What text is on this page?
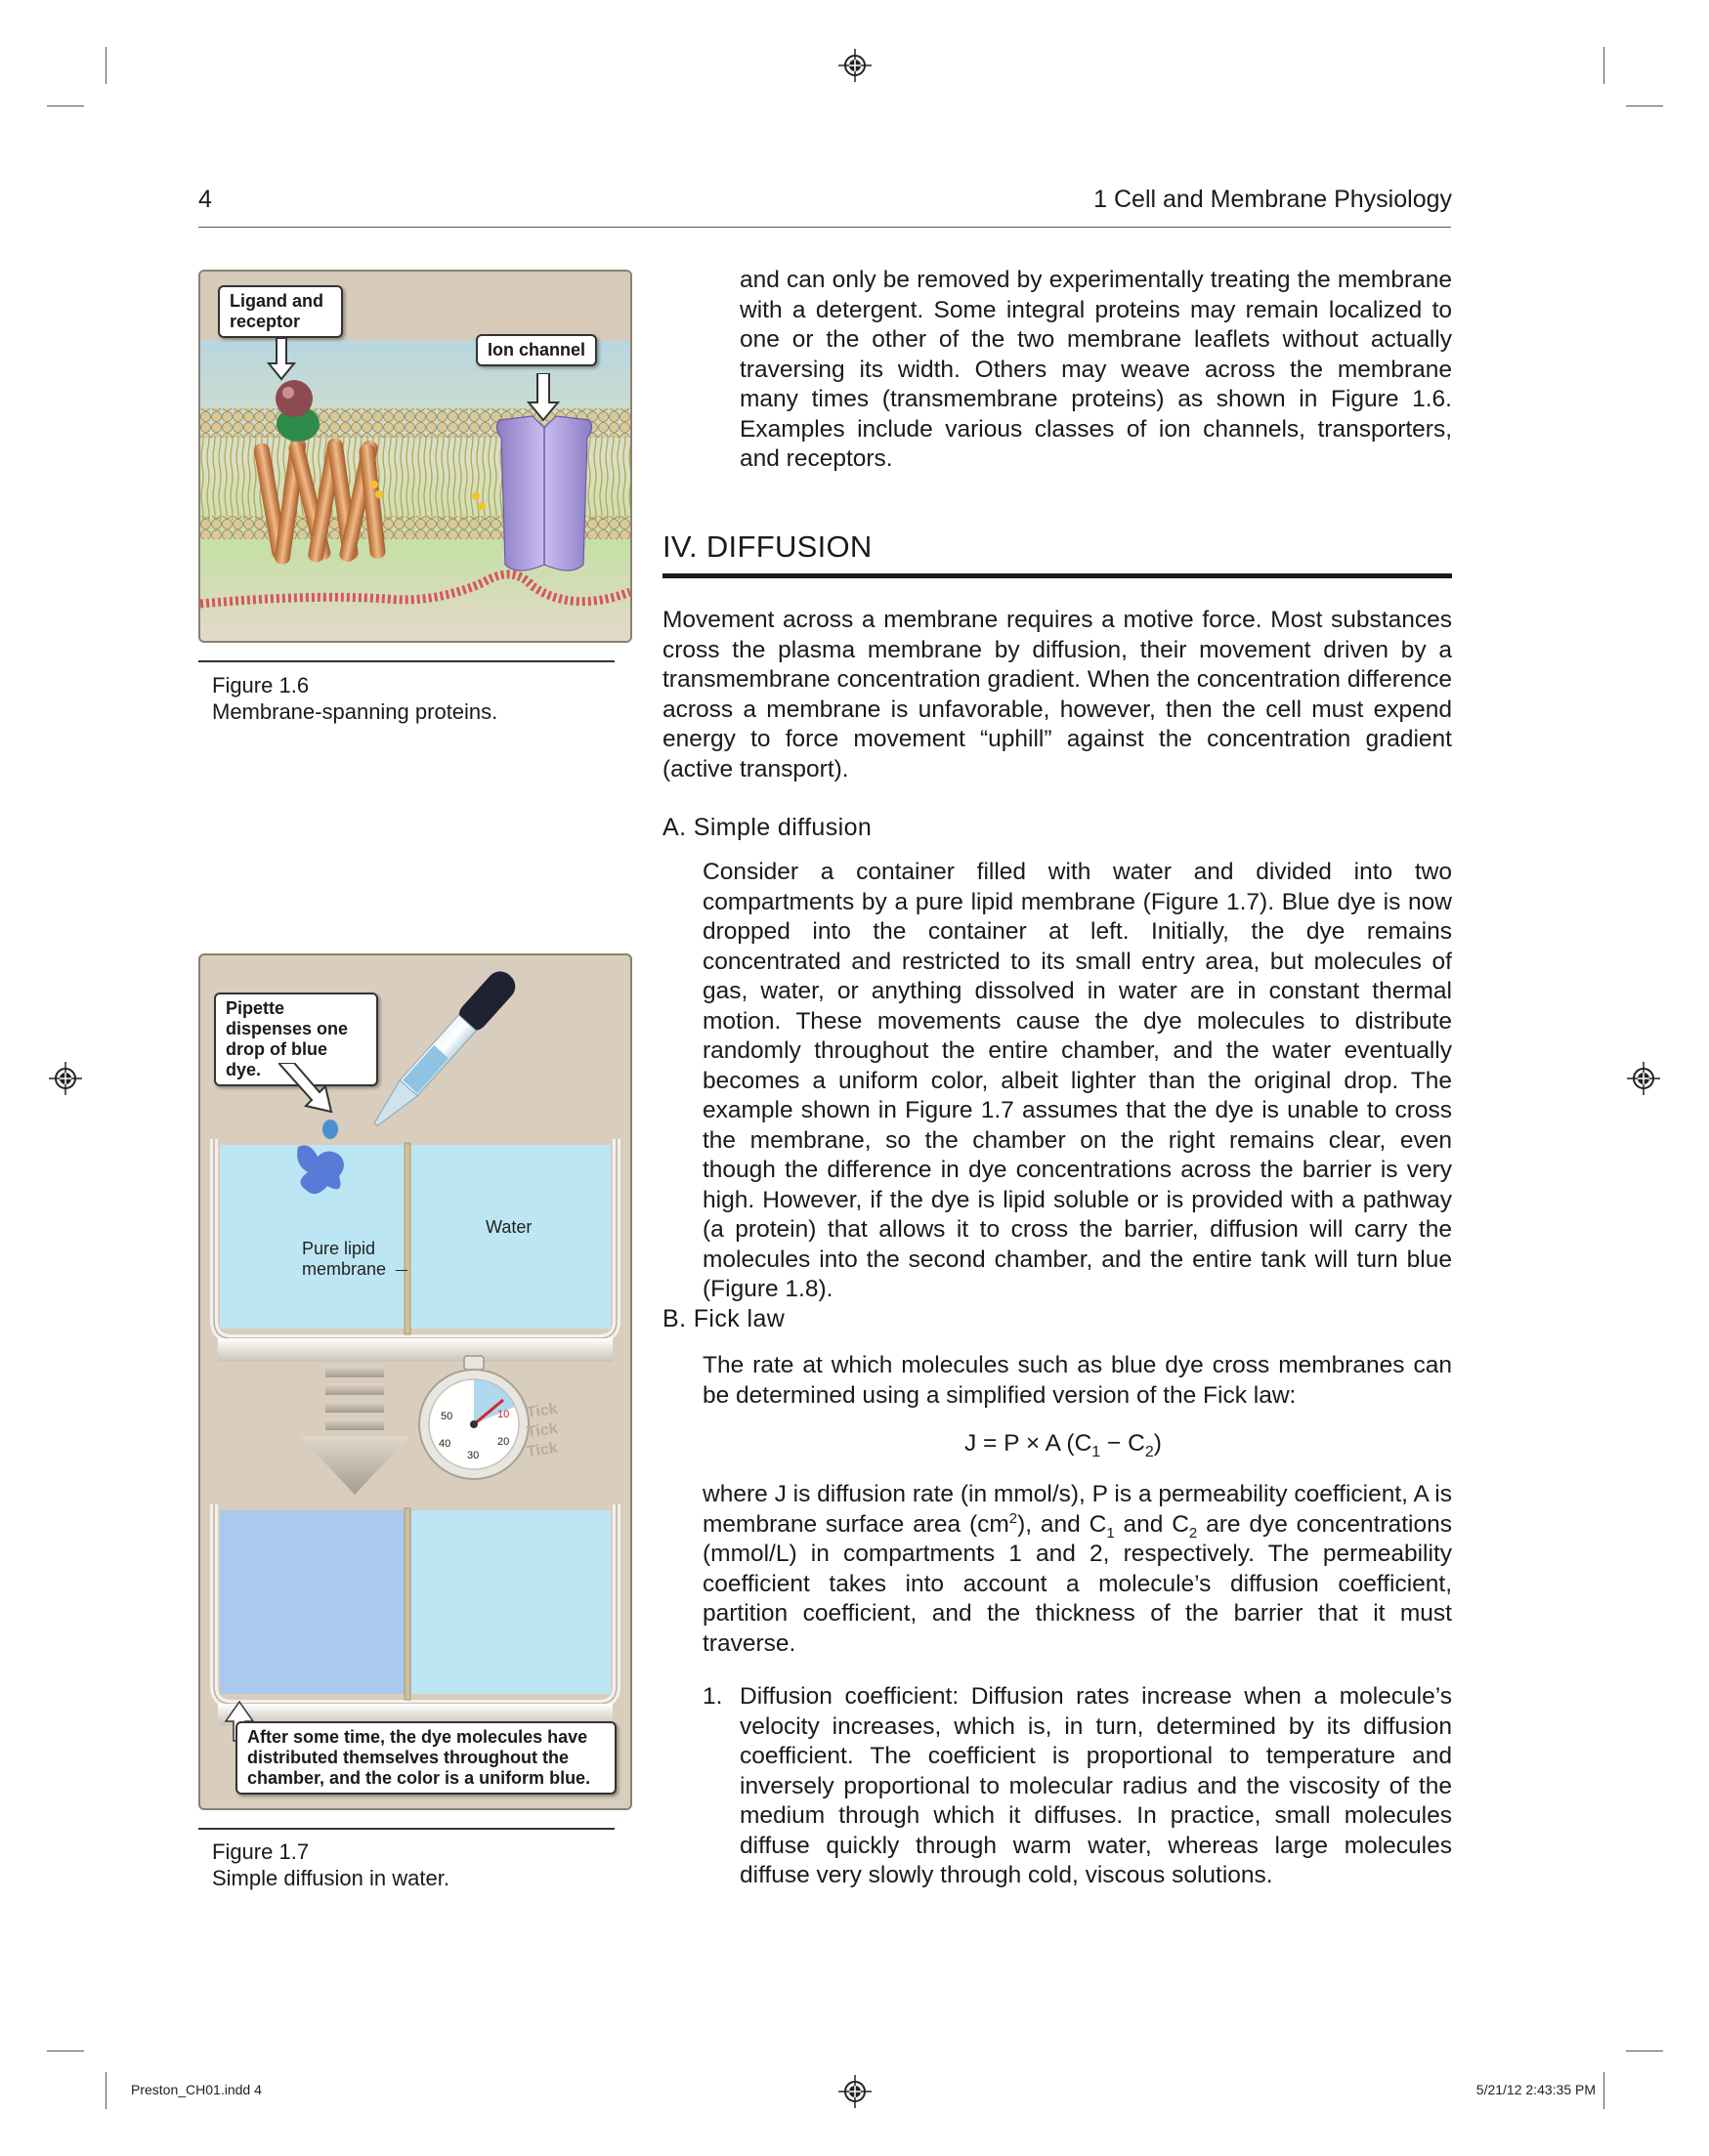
4	1 Cell and Membrane Physiology
Ligand and receptor
Ion channel
Figure 1.6
Membrane-spanning proteins.
Pipette dispenses one drop of blue dye.
Pure lipid membrane
Water
50
40
30
20
10 Tick
Tick
Tick
After some time, the dye molecules have distributed themselves throughout the chamber, and the color is a uniform blue.
Figure 1.7
Simple diffusion in water.
and can only be removed by experimentally treating the membrane with a detergent. Some integral proteins may remain localized to one or the other of the two membrane leaflets without actually traversing its width. Others may weave across the membrane many times (transmembrane proteins) as shown in Figure 1.6. Examples include various classes of ion channels, transporters, and receptors.
IV. DIFFUSION
Movement across a membrane requires a motive force. Most substances cross the plasma membrane by diffusion, their movement driven by a transmembrane concentration gradient. When the concentration difference across a membrane is unfavorable, however, then the cell must expend energy to force movement “uphill” against the concentration gradient (active transport).
A. Simple diffusion
Consider a container filled with water and divided into two compartments by a pure lipid membrane (Figure 1.7). Blue dye is now dropped into the container at left. Initially, the dye remains concentrated and restricted to its small entry area, but molecules of gas, water, or anything dissolved in water are in constant thermal motion. These movements cause the dye molecules to distribute randomly throughout the entire chamber, and the water eventually becomes a uniform color, albeit lighter than the original drop. The example shown in Figure 1.7 assumes that the dye is unable to cross the membrane, so the chamber on the right remains clear, even though the difference in dye concentrations across the barrier is very high. However, if the dye is lipid soluble or is provided with a pathway (a protein) that allows it to cross the barrier, diffusion will carry the molecules into the second chamber, and the entire tank will turn blue (Figure 1.8).
B. Fick law
The rate at which molecules such as blue dye cross membranes can be determined using a simplified version of the Fick law:
J = P × A $(C_1 - C_2)$
where J is diffusion rate (in mmol/s), P is a permeability coefficient, A is membrane surface area $(cm^2)$, and $C_1$ and $C_2$ are dye concentrations (mmol/L) in compartments 1 and 2, respectively. The permeability coefficient takes into account a molecule’s diffusion coefficient, partition coefficient, and the thickness of the barrier that it must traverse.
1. Diffusion coefficient: Diffusion rates increase when a molecule’s velocity increases, which is, in turn, determined by its diffusion coefficient. The coefficient is proportional to temperature and inversely proportional to molecular radius and the viscosity of the medium through which it diffuses. In practice, small molecules diffuse quickly through warm water, whereas large molecules diffuse very slowly through cold, viscous solutions.
Preston_CH01.indd 4	5/21/12 2:43:35 PM
